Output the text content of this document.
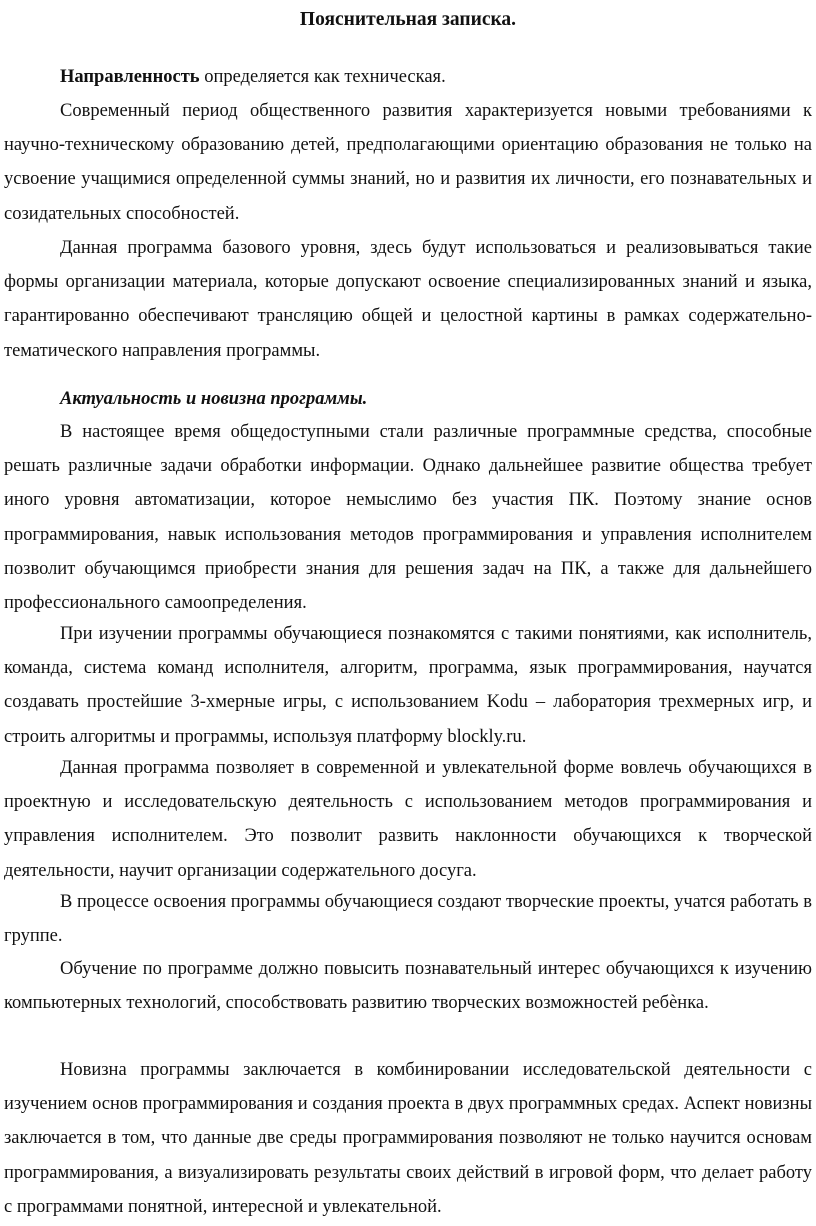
Пояснительная записка.

Направленность определяется как техническая.

Современный период общественного развития характеризуется новыми требованиями к научно-техническому образованию детей, предполагающими ориентацию образования не только на усвоение учащимися определенной суммы знаний, но и развития их личности, его познавательных и созидательных способностей.

Данная программа базового уровня, здесь будут использоваться и реализовываться такие формы организации материала, которые допускают освоение специализированных знаний и языка, гарантированно обеспечивают трансляцию общей и целостной картины в рамках содержательно-тематического направления программы.

Актуальность и новизна программы.

В настоящее время общедоступными стали различные программные средства, способные решать различные задачи обработки информации. Однако дальнейшее развитие общества требует иного уровня автоматизации, которое немыслимо без участия ПК. Поэтому знание основ программирования, навык использования методов программирования и управления исполнителем позволит обучающимся приобрести знания для решения задач на ПК, а также для дальнейшего профессионального самоопределения.

При изучении программы обучающиеся познакомятся с такими понятиями, как исполнитель, команда, система команд исполнителя, алгоритм, программа, язык программирования, научатся создавать простейшие 3-хмерные игры, с использованием Kodu – лаборатория трехмерных игр, и строить алгоритмы и программы, используя платформу blockly.ru.

Данная программа позволяет в современной и увлекательной форме вовлечь обучающихся в проектную и исследовательскую деятельность с использованием методов программирования и управления исполнителем. Это позволит развить наклонности обучающихся к творческой деятельности, научит организации содержательного досуга.

В процессе освоения программы обучающиеся создают творческие проекты, учатся работать в группе.

Обучение по программе должно повысить познавательный интерес обучающихся к изучению компьютерных технологий, способствовать развитию творческих возможностей ребѐнка.

Новизна программы заключается в комбинировании исследовательской деятельности с изучением основ программирования и создания проекта в двух программных средах. Аспект новизны заключается в том, что данные две среды программирования позволяют не только научится основам программирования, а визуализировать результаты своих действий в игровой форм, что делает работу с программами понятной, интересной и увлекательной.
